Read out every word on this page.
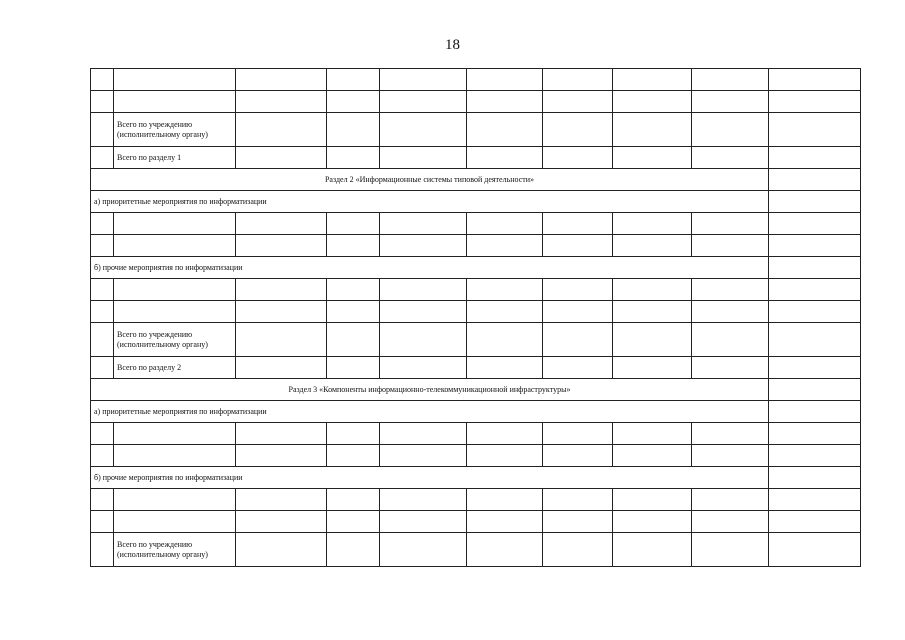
18

	Всего по учреждению (исполнительному органу)								
	Всего по разделу 1								
Раздел 2 «Информационные системы типовой деятельности»									
а) приоритетные мероприятия по информатизации									

б) прочие мероприятия по информатизации									

	Всего по учреждению (исполнительному органу)								
	Всего по разделу 2								
Раздел 3 «Компоненты информационно-телекоммуникационной инфраструктуры»									
а) приоритетные мероприятия по информатизации									

б) прочие мероприятия по информатизации									

	Всего по учреждению (исполнительному органу)								
